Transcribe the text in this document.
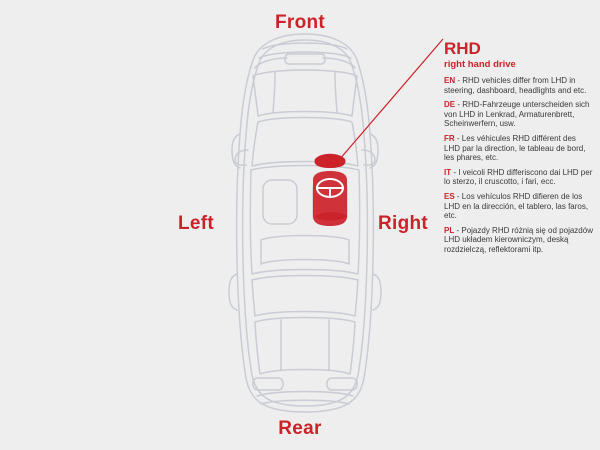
Front
Rear
Left	Right
RHD
right hand drive
EN - RHD vehicles differ from LHD in steering, dashboard, headlights and etc.
DE - RHD-Fahrzeuge unterscheiden sich von LHD in Lenkrad, Armaturenbrett, Scheinwerfern, usw.
FR - Les véhicules RHD différent des LHD par la direction, le tableau de bord, les phares, etc.
IT - I veicoli RHD differiscono dai LHD per lo sterzo, il cruscotto, i fari, ecc.
ES - Los vehículos RHD difieren de los LHD en la dirección, el tablero, las faros, etc.
PL - Pojazdy RHD różnią się od pojazdów LHD układem kierowniczym, deską rozdzielczą, reflektorami itp.
